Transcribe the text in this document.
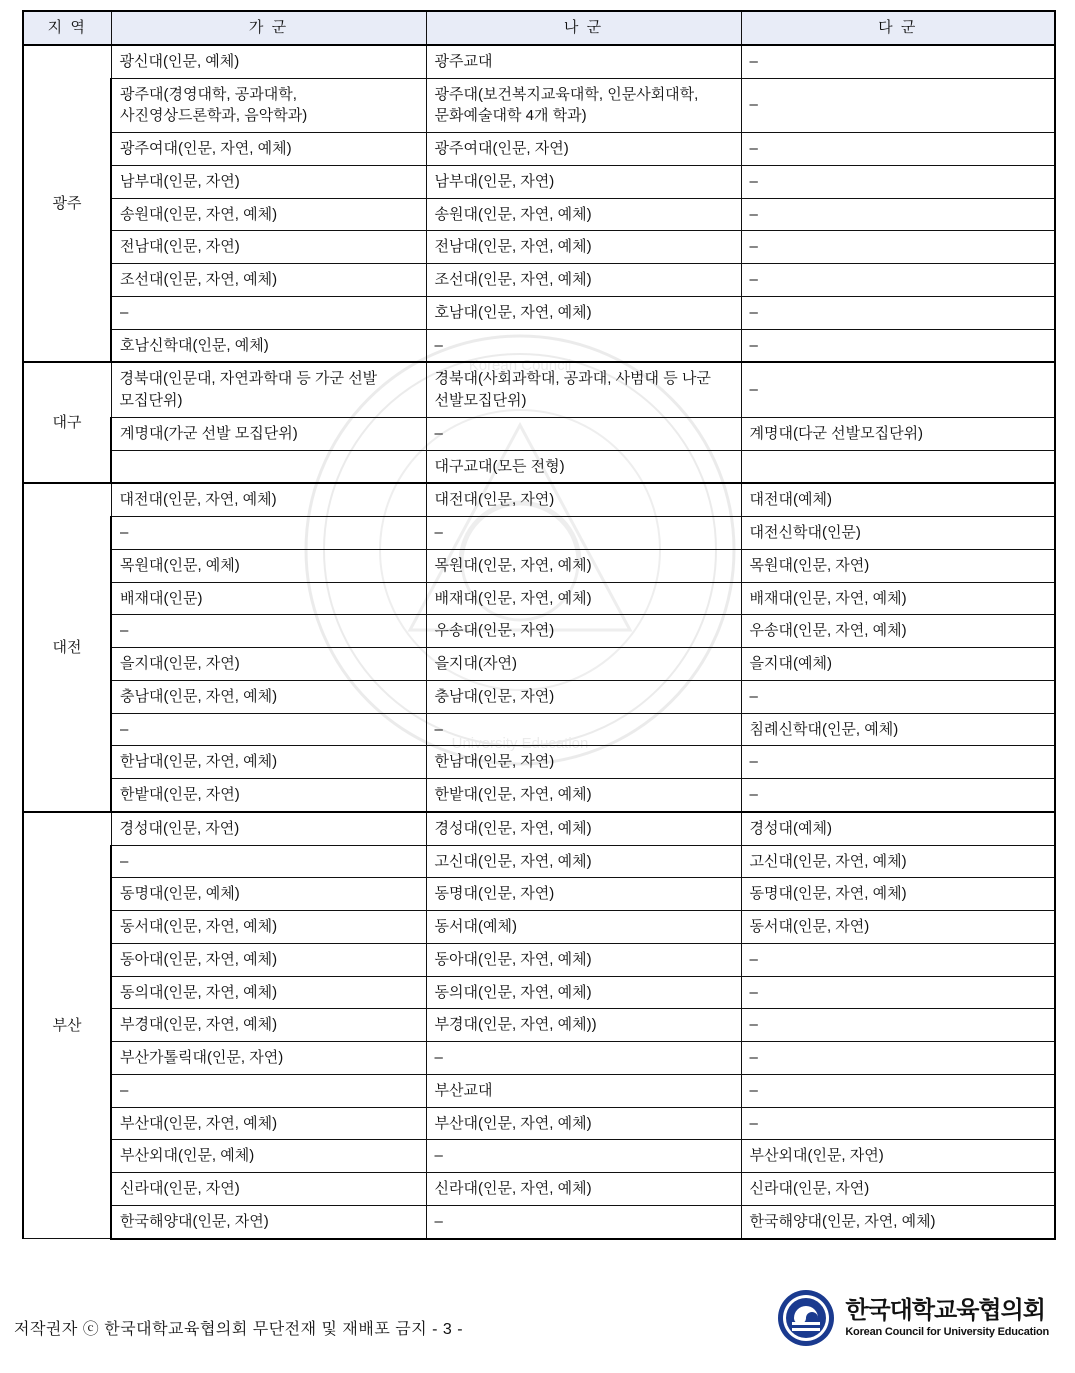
Korean Council
University Education
지 역	가 군	나 군	다 군
광주	광신대(인문, 예체)	광주교대	–
	광주대(경영대학, 공과대학, 사진영상드론학과, 음악학과)	광주대(보건복지교육대학, 인문사회대학, 문화예술대학 4개 학과)	–
	광주여대(인문, 자연, 예체)	광주여대(인문, 자연)	–
	남부대(인문, 자연)	남부대(인문, 자연)	–
	송원대(인문, 자연, 예체)	송원대(인문, 자연, 예체)	–
	전남대(인문, 자연)	전남대(인문, 자연, 예체)	–
	조선대(인문, 자연, 예체)	조선대(인문, 자연, 예체)	–
	–	호남대(인문, 자연, 예체)	–
	호남신학대(인문, 예체)	–	–
대구	경북대(인문대, 자연과학대 등 가군 선발 모집단위)	경북대(사회과학대, 공과대, 사범대 등 나군 선발모집단위)	–
	계명대(가군 선발 모집단위)	–	계명대(다군 선발모집단위)
		대구교대(모든 전형)	
대전	대전대(인문, 자연, 예체)	대전대(인문, 자연)	대전대(예체)
	–	–	대전신학대(인문)
	목원대(인문, 예체)	목원대(인문, 자연, 예체)	목원대(인문, 자연)
	배재대(인문)	배재대(인문, 자연, 예체)	배재대(인문, 자연, 예체)
	–	우송대(인문, 자연)	우송대(인문, 자연, 예체)
	을지대(인문, 자연)	을지대(자연)	을지대(예체)
	충남대(인문, 자연, 예체)	충남대(인문, 자연)	–
	–	–	침례신학대(인문, 예체)
	한남대(인문, 자연, 예체)	한남대(인문, 자연)	–
	한밭대(인문, 자연)	한밭대(인문, 자연, 예체)	–
부산	경성대(인문, 자연)	경성대(인문, 자연, 예체)	경성대(예체)
	–	고신대(인문, 자연, 예체)	고신대(인문, 자연, 예체)
	동명대(인문, 예체)	동명대(인문, 자연)	동명대(인문, 자연, 예체)
	동서대(인문, 자연, 예체)	동서대(예체)	동서대(인문, 자연)
	동아대(인문, 자연, 예체)	동아대(인문, 자연, 예체)	–
	동의대(인문, 자연, 예체)	동의대(인문, 자연, 예체)	–
	부경대(인문, 자연, 예체)	부경대(인문, 자연, 예체))	–
	부산가톨릭대(인문, 자연)	–	–
	–	부산교대	–
	부산대(인문, 자연, 예체)	부산대(인문, 자연, 예체)	–
	부산외대(인문, 예체)	–	부산외대(인문, 자연)
	신라대(인문, 자연)	신라대(인문, 자연, 예체)	신라대(인문, 자연)
	한국해양대(인문, 자연)	–	한국해양대(인문, 자연, 예체)
저작권자 ⓒ 한국대학교육협의회 무단전재 및 재배포 금지 - 3 -
한국대학교육협의회
Korean Council for University Education
